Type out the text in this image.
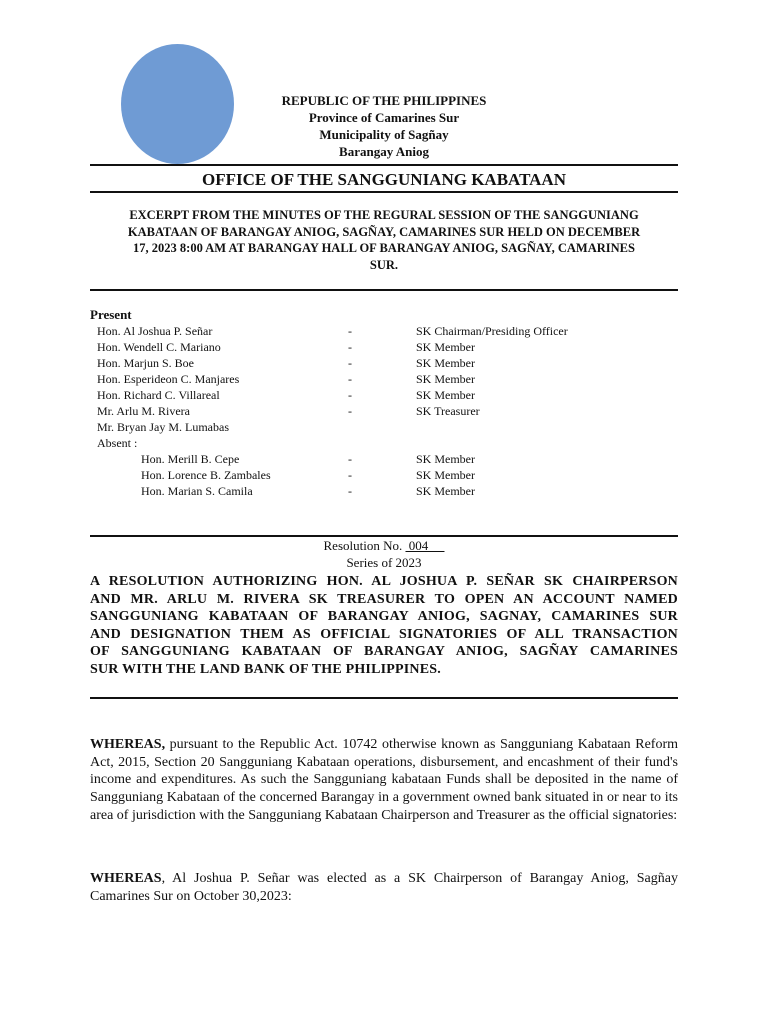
REPUBLIC OF THE PHILIPPINES
Province of Camarines Sur
Municipality of Sagñay
Barangay Aniog
OFFICE OF THE SANGGUNIANG KABATAAN
EXCERPT FROM THE MINUTES OF THE REGURAL SESSION OF THE SANGGUNIANG
KABATAAN OF BARANGAY ANIOG, SAGÑAY, CAMARINES SUR HELD ON DECEMBER
17, 2023 8:00 AM AT BARANGAY HALL OF BARANGAY ANIOG, SAGÑAY, CAMARINES
SUR.
Present
Hon. Al Joshua P. Señar	-	SK Chairman/Presiding Officer
Hon. Wendell C. Mariano	-	SK Member
Hon. Marjun S. Boe	-	SK Member
Hon. Esperideon C. Manjares	-	SK Member
Hon. Richard C. Villareal	-	SK Member
Mr. Arlu M. Rivera	-	SK Treasurer
Mr. Bryan Jay M. Lumabas
Absent :
Hon. Merill B. Cepe	-	SK Member
Hon. Lorence B. Zambales	-	SK Member
Hon. Marian S. Camila	-	SK Member
Resolution No.  004
Series of 2023
A RESOLUTION AUTHORIZING HON. AL JOSHUA P. SEÑAR SK CHAIRPERSON
AND MR. ARLU M. RIVERA SK TREASURER TO OPEN AN ACCOUNT NAMED
SANGGUNIANG KABATAAN OF BARANGAY ANIOG, SAGNAY, CAMARINES SUR
AND DESIGNATION THEM AS OFFICIAL SIGNATORIES OF ALL TRANSACTION
OF SANGGUNIANG KABATAAN OF BARANGAY ANIOG, SAGÑAY CAMARINES
SUR WITH THE LAND BANK OF THE PHILIPPINES.
WHEREAS, pursuant to the Republic Act. 10742 otherwise known as Sangguniang Kabataan Reform Act, 2015, Section 20 Sangguniang Kabataan operations, disbursement, and encashment of their fund's income and expenditures. As such the Sangguniang kabataan Funds shall be deposited in the name of Sangguniang Kabataan of the concerned Barangay in a government owned bank situated in or near to its area of jurisdiction with the Sangguniang Kabataan Chairperson and Treasurer as the official signatories:
WHEREAS, Al Joshua P. Señar was elected as a SK Chairperson of Barangay Aniog, Sagñay Camarines Sur on October 30,2023:
